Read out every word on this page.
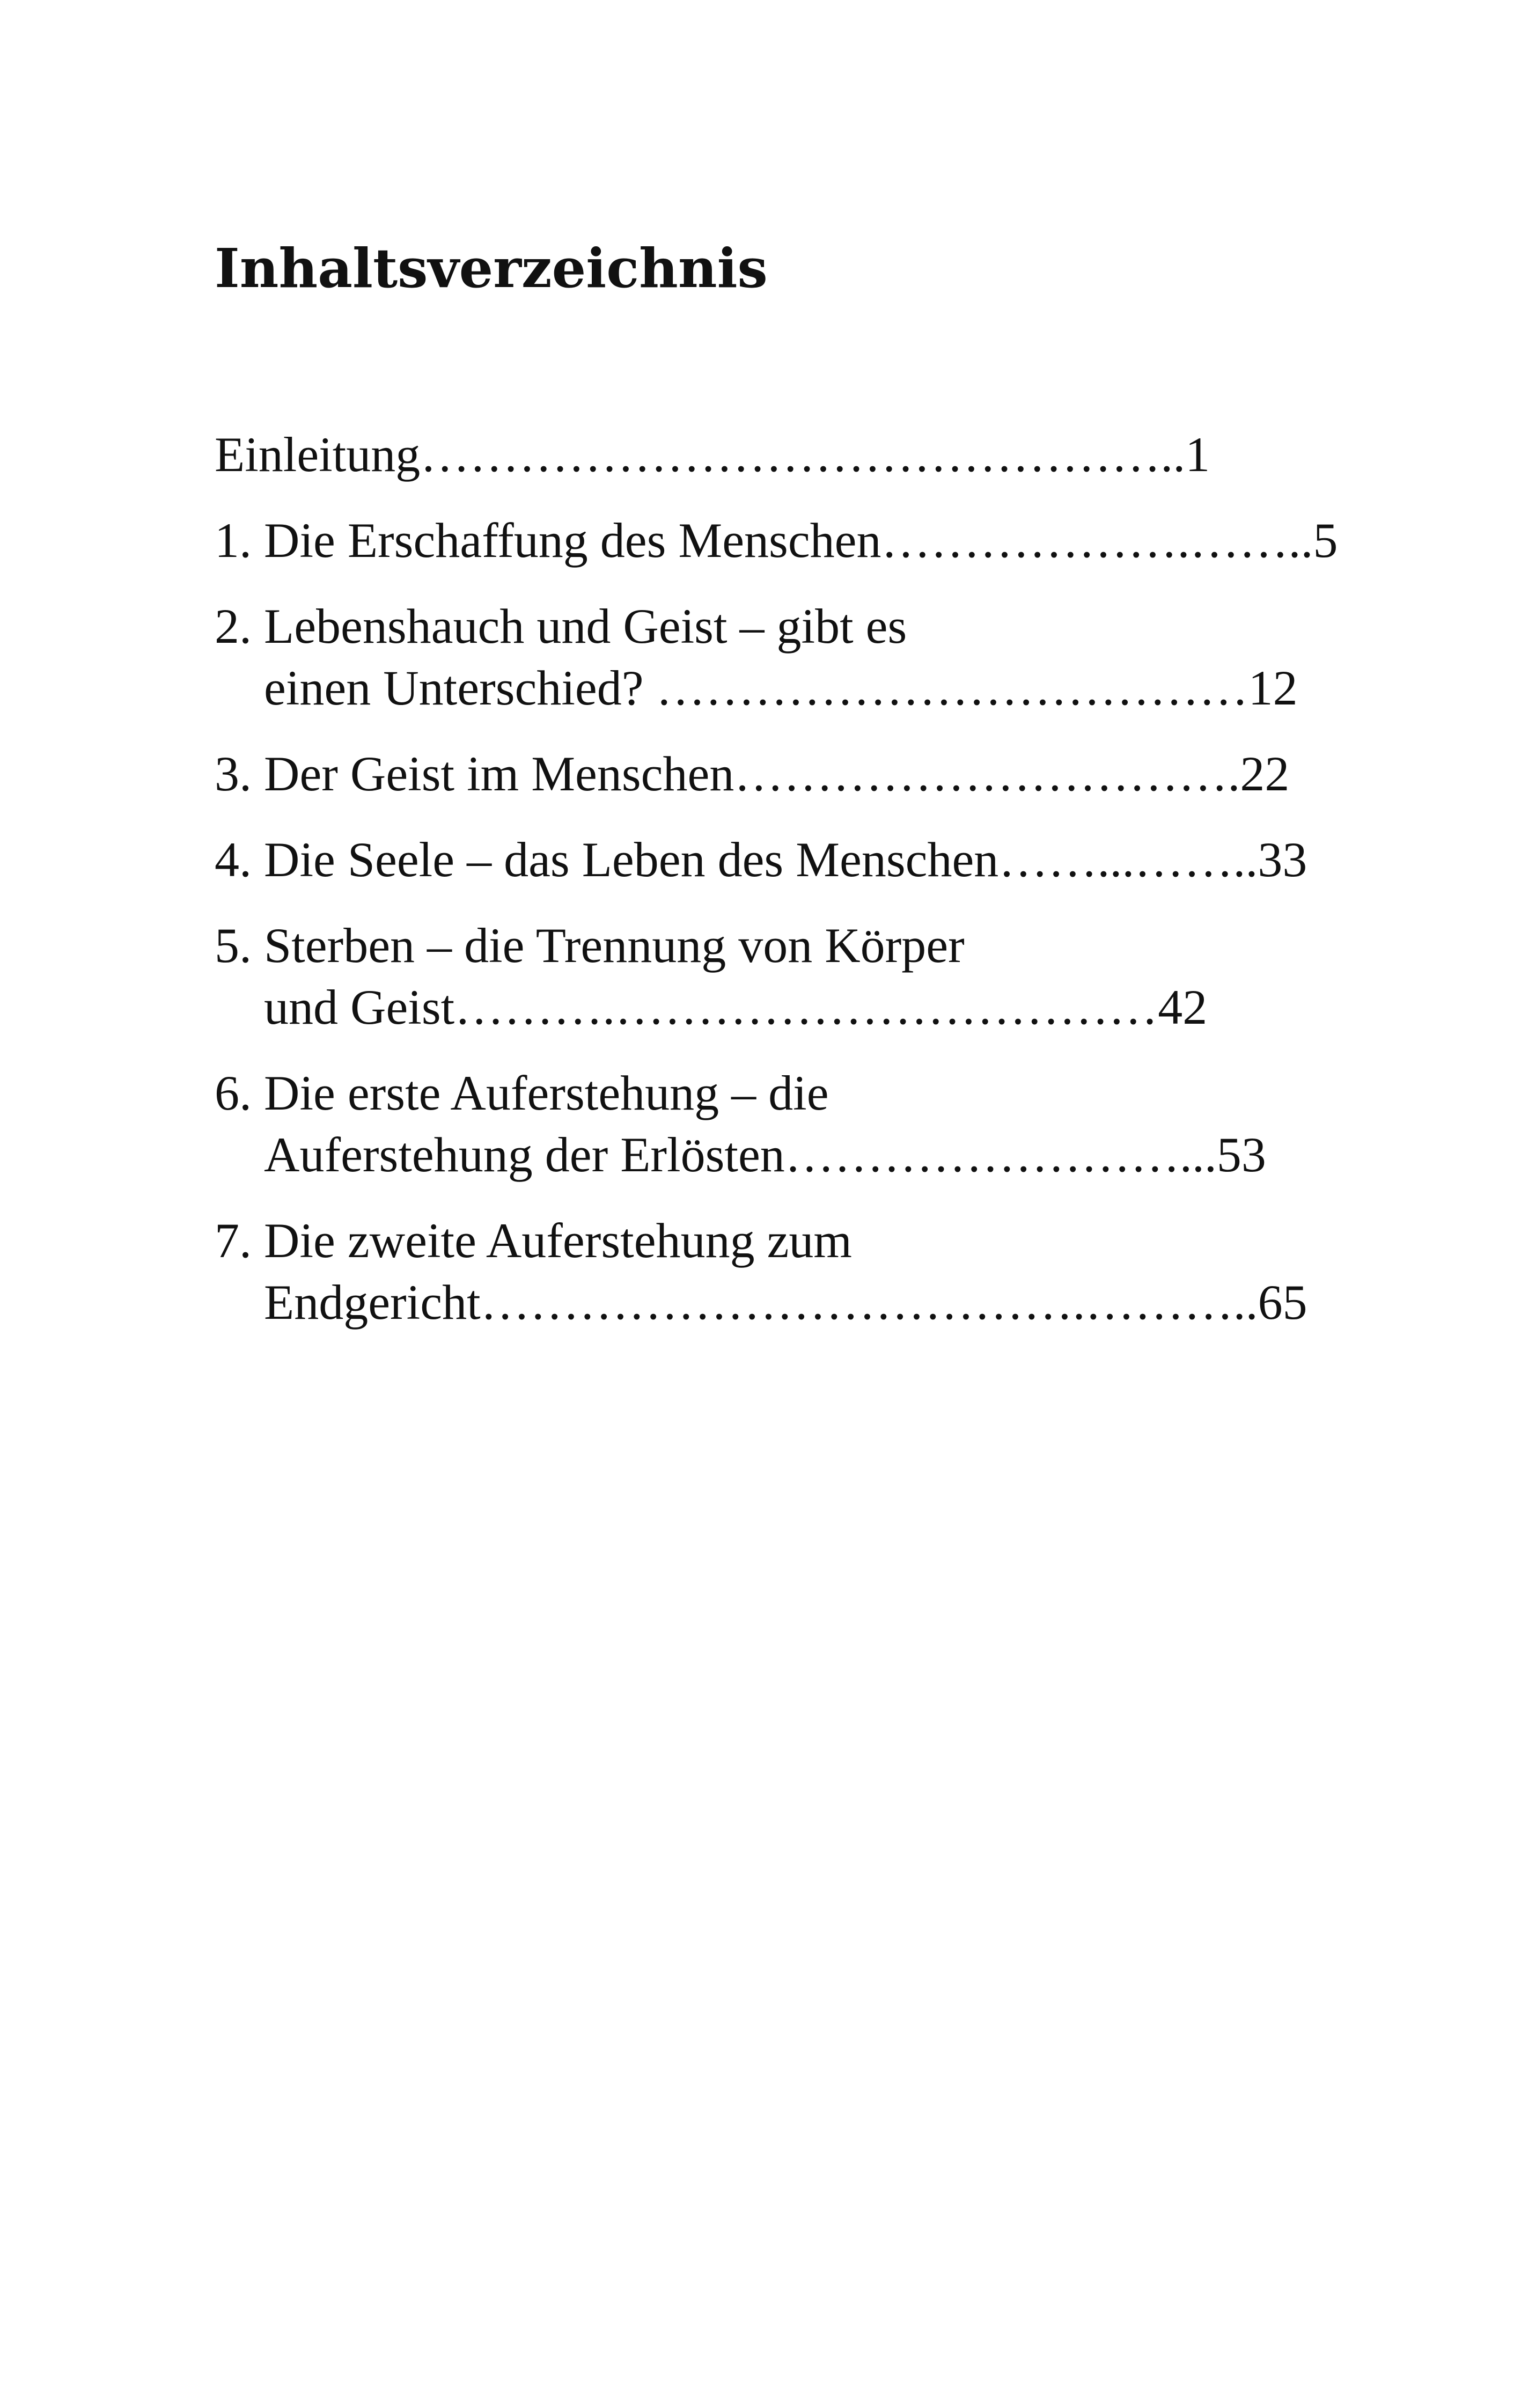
Inhaltsverzeichnis
Einleitung………………………………………..1
1. Die Erschaffung des Menschen……………….……..5
2. Lebenshauch und Geist – gibt es
einen Unterschied? ………………………………12
3. Der Geist im Menschen………………………….22
4. Die Seele – das Leben des Menschen……...……..33
5. Sterben – die Trennung von Körper
und Geist……….……………………………42
6. Die erste Auferstehung – die
Auferstehung der Erlösten……………………...53
7. Die zweite Auferstehung zum
Endgericht……………………………….………..65
